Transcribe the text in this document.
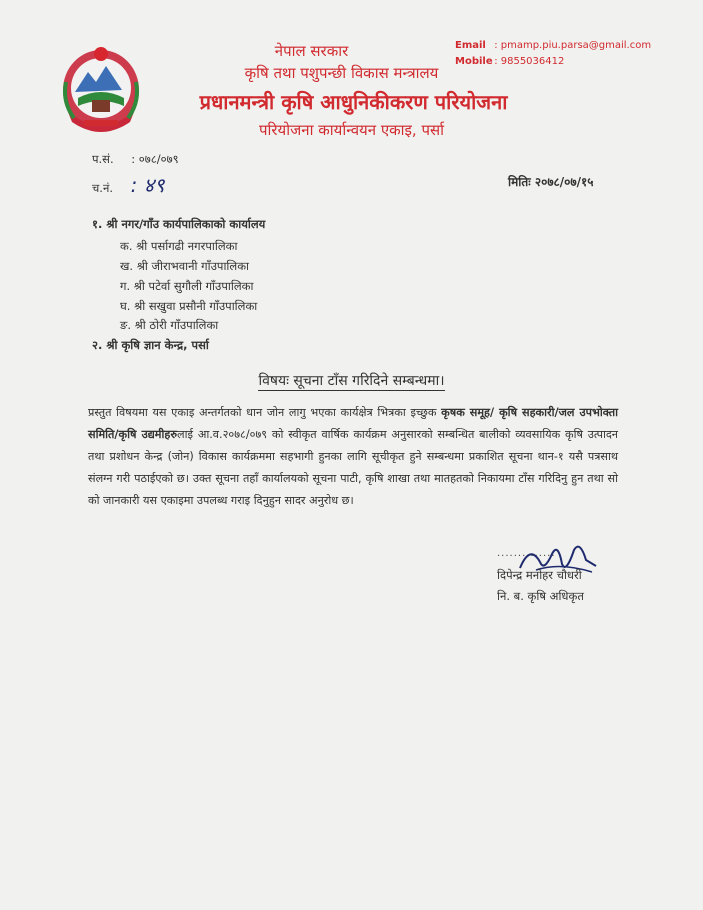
नेपाल सरकार
कृषि तथा पशुपन्छी विकास मन्त्रालय
प्रधानमन्त्री कृषि आधुनिकीकरण परियोजना
परियोजना कार्यान्वयन एकाइ, पर्सा
Email : pmamp.piu.parsa@gmail.com
Mobile : 9855036412
प.सं. : ०७८/०७९
च.नं. : ४९	मितिः २०७८/०७/१५
१. श्री नगर/गाँउ कार्यपालिकाको कार्यालय
क. श्री पर्सागढी नगरपालिका
ख. श्री जीराभवानी गाँउपालिका
ग. श्री पटेर्वा सुगौली गाँउपालिका
घ. श्री सखुवा प्रसौनी गाँउपालिका
ङ. श्री ठोरी गाँउपालिका
२. श्री कृषि ज्ञान केन्द्र, पर्सा
विषयः सूचना टाँस गरिदिने सम्बन्धमा।
प्रस्तुत विषयमा यस एकाइ अन्तर्गतको धान जोन लागु भएका कार्यक्षेत्र भित्रका इच्छुक कृषक समूह/ कृषि सहकारी/जल उपभोक्ता समिति/कृषि उद्यमीहरुलाई आ.व.२०७८/०७९ को स्वीकृत वार्षिक कार्यक्रम अनुसारको सम्बन्धित बालीको व्यवसायिक कृषि उत्पादन तथा प्रशोधन केन्द्र (जोन) विकास कार्यक्रममा सहभागी हुनका लागि सूचीकृत हुने सम्बन्धमा प्रकाशित सूचना थान-१ यसै पत्रसाथ संलग्न गरी पठाईएको छ। उक्त सूचना तहाँ कार्यालयको सूचना पाटी, कृषि शाखा तथा मातहतको निकायमा टाँस गरिदिनु हुन तथा सो को जानकारी यस एकाइमा उपलब्ध गराइ दिनुहुन सादर अनुरोध छ।
..............
दिपेन्द्र मनोहर चौधरी
नि. ब. कृषि अधिकृत
